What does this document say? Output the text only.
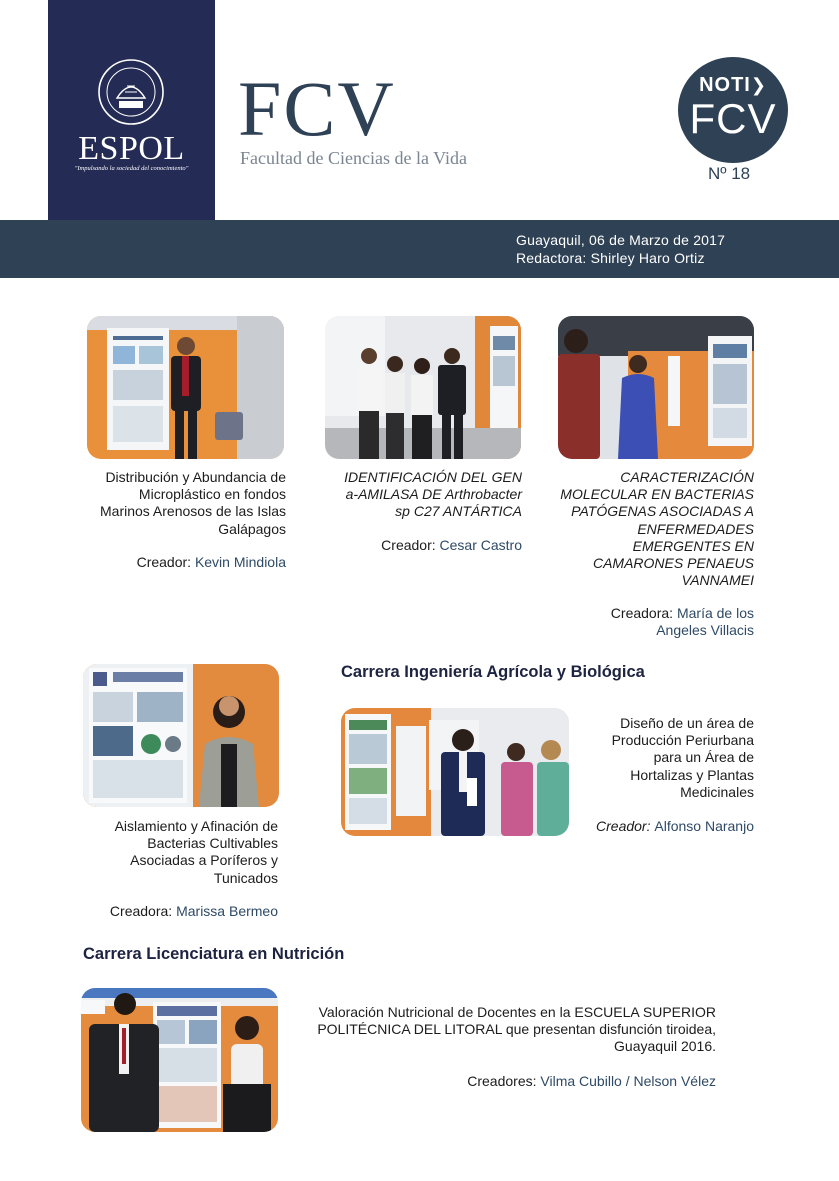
ESPOL
"Impulsando la sociedad del conocimiento"
FCV
Facultad de Ciencias de la Vida
NOTI❯
FCV
Nº 18
Guayaquil, 06 de Marzo de 2017
Redactora: Shirley Haro Ortiz
Distribución y Abundancia de
Microplástico en fondos
Marinos Arenosos de las Islas
Galápagos
Creador: Kevin Mindiola
IDENTIFICACIÓN DEL GEN
a-AMILASA DE Arthrobacter
sp C27 ANTÁRTICA
Creador: Cesar Castro
CARACTERIZACIÓN
MOLECULAR EN BACTERIAS
PATÓGENAS ASOCIADAS A
ENFERMEDADES
EMERGENTES EN
CAMARONES PENAEUS
VANNAMEI
Creadora: María de los
Angeles Villacis
Aislamiento y Afinación de
Bacterias Cultivables
Asociadas a Poríferos y
Tunicados
Creadora: Marissa Bermeo
Carrera Ingeniería Agrícola y Biológica
Diseño de un área de
Producción Periurbana
para un Área de
Hortalizas y Plantas
Medicinales
Creador: Alfonso Naranjo
Carrera Licenciatura en Nutrición
Valoración Nutricional de Docentes en la ESCUELA SUPERIOR
POLITÉCNICA DEL LITORAL que presentan disfunción tiroidea,
Guayaquil 2016.
Creadores: Vilma Cubillo / Nelson Vélez
